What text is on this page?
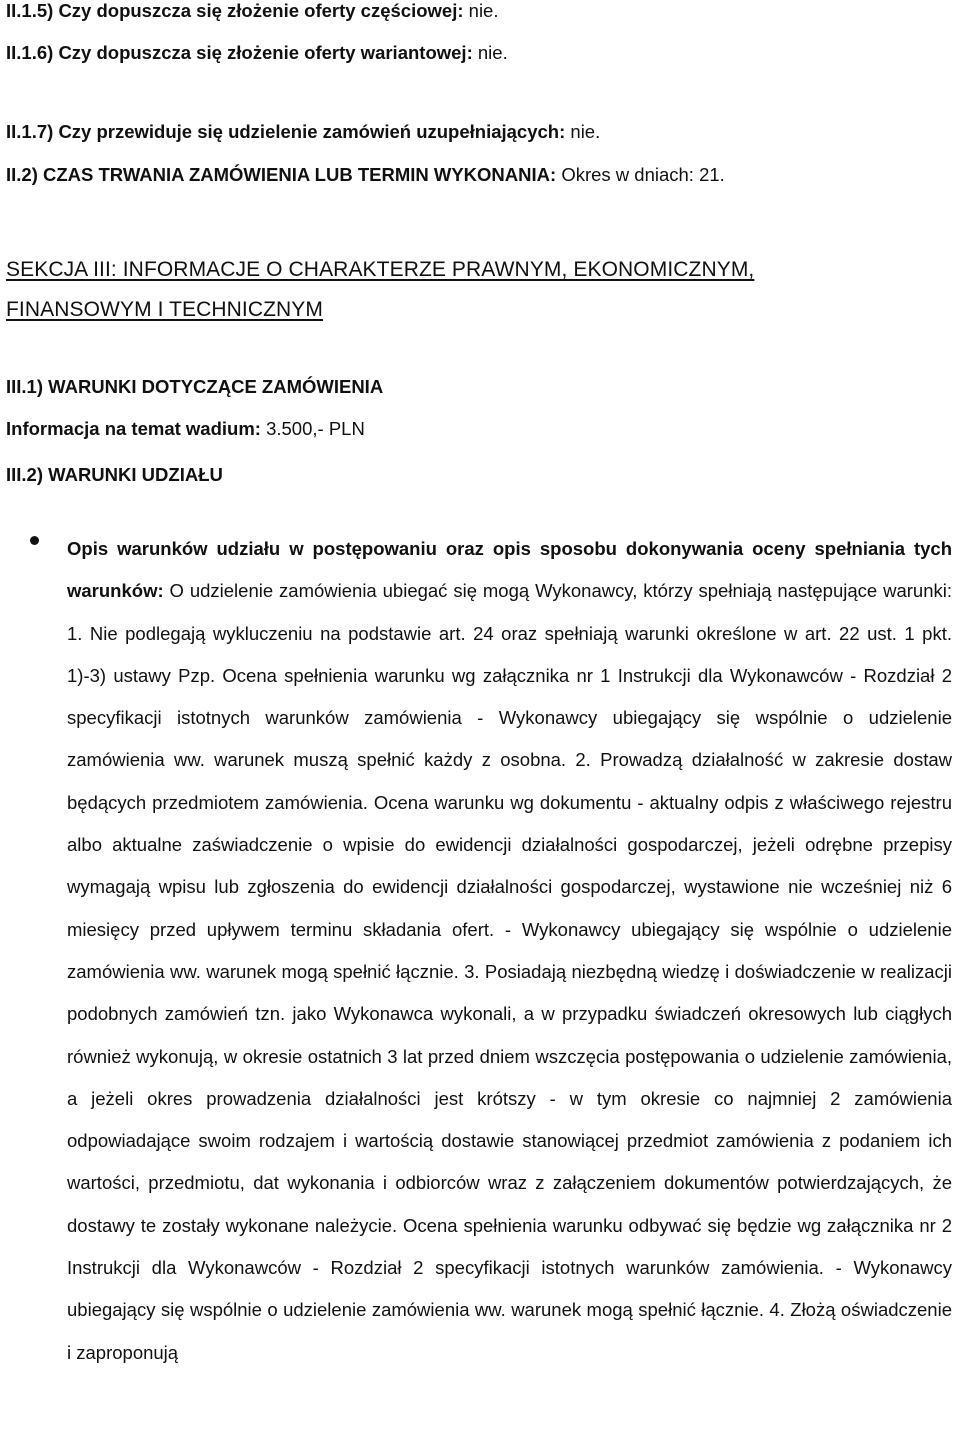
II.1.5) Czy dopuszcza się złożenie oferty częściowej: nie.
II.1.6) Czy dopuszcza się złożenie oferty wariantowej: nie.
II.1.7) Czy przewiduje się udzielenie zamówień uzupełniających: nie.
II.2) CZAS TRWANIA ZAMÓWIENIA LUB TERMIN WYKONANIA: Okres w dniach: 21.
SEKCJA III: INFORMACJE O CHARAKTERZE PRAWNYM, EKONOMICZNYM,
FINANSOWYM I TECHNICZNYM
III.1) WARUNKI DOTYCZĄCE ZAMÓWIENIA
Informacja na temat wadium: 3.500,- PLN
III.2) WARUNKI UDZIAŁU
Opis warunków udziału w postępowaniu oraz opis sposobu dokonywania oceny spełniania tych warunków: O udzielenie zamówienia ubiegać się mogą Wykonawcy, którzy spełniają następujące warunki: 1. Nie podlegają wykluczeniu na podstawie art. 24 oraz spełniają warunki określone w art. 22 ust. 1 pkt. 1)-3) ustawy Pzp. Ocena spełnienia warunku wg załącznika nr 1 Instrukcji dla Wykonawców - Rozdział 2 specyfikacji istotnych warunków zamówienia - Wykonawcy ubiegający się wspólnie o udzielenie zamówienia ww. warunek muszą spełnić każdy z osobna. 2. Prowadzą działalność w zakresie dostaw będących przedmiotem zamówienia. Ocena warunku wg dokumentu - aktualny odpis z właściwego rejestru albo aktualne zaświadczenie o wpisie do ewidencji działalności gospodarczej, jeżeli odrębne przepisy wymagają wpisu lub zgłoszenia do ewidencji działalności gospodarczej, wystawione nie wcześniej niż 6 miesięcy przed upływem terminu składania ofert. - Wykonawcy ubiegający się wspólnie o udzielenie zamówienia ww. warunek mogą spełnić łącznie. 3. Posiadają niezbędną wiedzę i doświadczenie w realizacji podobnych zamówień tzn. jako Wykonawca wykonali, a w przypadku świadczeń okresowych lub ciągłych również wykonują, w okresie ostatnich 3 lat przed dniem wszczęcia postępowania o udzielenie zamówienia, a jeżeli okres prowadzenia działalności jest krótszy - w tym okresie co najmniej 2 zamówienia odpowiadające swoim rodzajem i wartością dostawie stanowiącej przedmiot zamówienia z podaniem ich wartości, przedmiotu, dat wykonania i odbiorców wraz z załączeniem dokumentów potwierdzających, że dostawy te zostały wykonane należycie. Ocena spełnienia warunku odbywać się będzie wg załącznika nr 2 Instrukcji dla Wykonawców - Rozdział 2 specyfikacji istotnych warunków zamówienia. - Wykonawcy ubiegający się wspólnie o udzielenie zamówienia ww. warunek mogą spełnić łącznie. 4. Złożą oświadczenie i zaproponują
